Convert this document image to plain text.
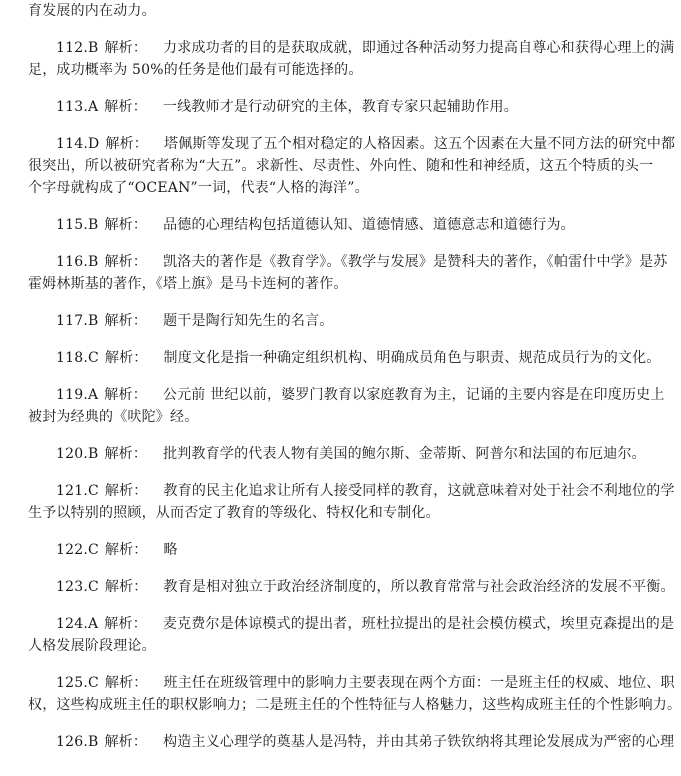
育发展的内在动力。
112.B 解析： 力求成功者的目的是获取成就，即通过各种活动努力提高自尊心和获得心理上的满
足，成功概率为 50%的任务是他们最有可能选择的。
113.A 解析： 一线教师才是行动研究的主体，教育专家只起辅助作用。
114.D 解析： 塔佩斯等发现了五个相对稳定的人格因素。这五个因素在大量不同方法的研究中都
很突出，所以被研究者称为“大五”。求新性、尽责性、外向性、随和性和神经质，这五个特质的头一
个字母就构成了“OCEAN”一词，代表“人格的海洋”。
115.B 解析： 品德的心理结构包括道德认知、道德情感、道德意志和道德行为。
116.B 解析： 凯洛夫的著作是《教育学》。《教学与发展》是赞科夫的著作，《帕雷什中学》是苏
霍姆林斯基的著作，《塔上旗》是马卡连柯的著作。
117.B 解析： 题干是陶行知先生的名言。
118.C 解析： 制度文化是指一种确定组织机构、明确成员角色与职责、规范成员行为的文化。
119.A 解析： 公元前 世纪以前，婆罗门教育以家庭教育为主，记诵的主要内容是在印度历史上
被封为经典的《吠陀》经。
120.B 解析： 批判教育学的代表人物有美国的鲍尔斯、金蒂斯、阿普尔和法国的布厄迪尔。
121.C 解析： 教育的民主化追求让所有人接受同样的教育，这就意味着对处于社会不利地位的学
生予以特别的照顾，从而否定了教育的等级化、特权化和专制化。
122.C 解析： 略
123.C 解析： 教育是相对独立于政治经济制度的，所以教育常常与社会政治经济的发展不平衡。
124.A 解析： 麦克费尔是体谅模式的提出者，班杜拉提出的是社会模仿模式，埃里克森提出的是
人格发展阶段理论。
125.C 解析： 班主任在班级管理中的影响力主要表现在两个方面：一是班主任的权威、地位、职
权，这些构成班主任的职权影响力；二是班主任的个性特征与人格魅力，这些构成班主任的个性影响力。
126.B 解析： 构造主义心理学的奠基人是冯特，并由其弟子铁钦纳将其理论发展成为严密的心理
